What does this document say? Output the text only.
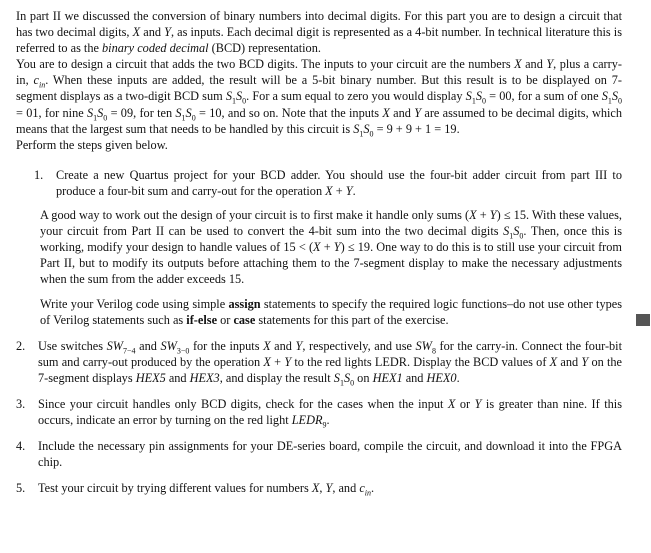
In part II we discussed the conversion of binary numbers into decimal digits. For this part you are to design a circuit that has two decimal digits, X and Y, as inputs. Each decimal digit is represented as a 4-bit number. In technical literature this is referred to as the binary coded decimal (BCD) representation.

You are to design a circuit that adds the two BCD digits. The inputs to your circuit are the numbers X and Y, plus a carry-in, $c_{in}$. When these inputs are added, the result will be a 5-bit binary number. But this result is to be displayed on 7-segment displays as a two-digit BCD sum $S_1S_0$. For a sum equal to zero you would display $S_1S_0 = 00$, for a sum of one $S_1S_0 = 01$, for nine $S_1S_0 = 09$, for ten $S_1S_0 = 10$, and so on. Note that the inputs X and Y are assumed to be decimal digits, which means that the largest sum that needs to be handled by this circuit is $S_1S_0 = 9 + 9 + 1 = 19$.

Perform the steps given below.

1. Create a new Quartus project for your BCD adder. You should use the four-bit adder circuit from part III to produce a four-bit sum and carry-out for the operation X + Y.

A good way to work out the design of your circuit is to first make it handle only sums (X + Y) ≤ 15. With these values, your circuit from Part II can be used to convert the 4-bit sum into the two decimal digits $S_1S_0$. Then, once this is working, modify your design to handle values of 15 < (X + Y) ≤ 19. One way to do this is to still use your circuit from Part II, but to modify its outputs before attaching them to the 7-segment display to make the necessary adjustments when the sum from the adder exceeds 15.

Write your Verilog code using simple assign statements to specify the required logic functions–do not use other types of Verilog statements such as if-else or case statements for this part of the exercise.

2. Use switches $SW_{7-4}$ and $SW_{3-0}$ for the inputs X and Y, respectively, and use $SW_8$ for the carry-in. Connect the four-bit sum and carry-out produced by the operation X + Y to the red lights LEDR. Display the BCD values of X and Y on the 7-segment displays HEX5 and HEX3, and display the result $S_1S_0$ on HEX1 and HEX0.

3. Since your circuit handles only BCD digits, check for the cases when the input X or Y is greater than nine. If this occurs, indicate an error by turning on the red light $LEDR_9$.

4. Include the necessary pin assignments for your DE-series board, compile the circuit, and download it into the FPGA chip.

5. Test your circuit by trying different values for numbers X, Y, and $c_{in}$.
